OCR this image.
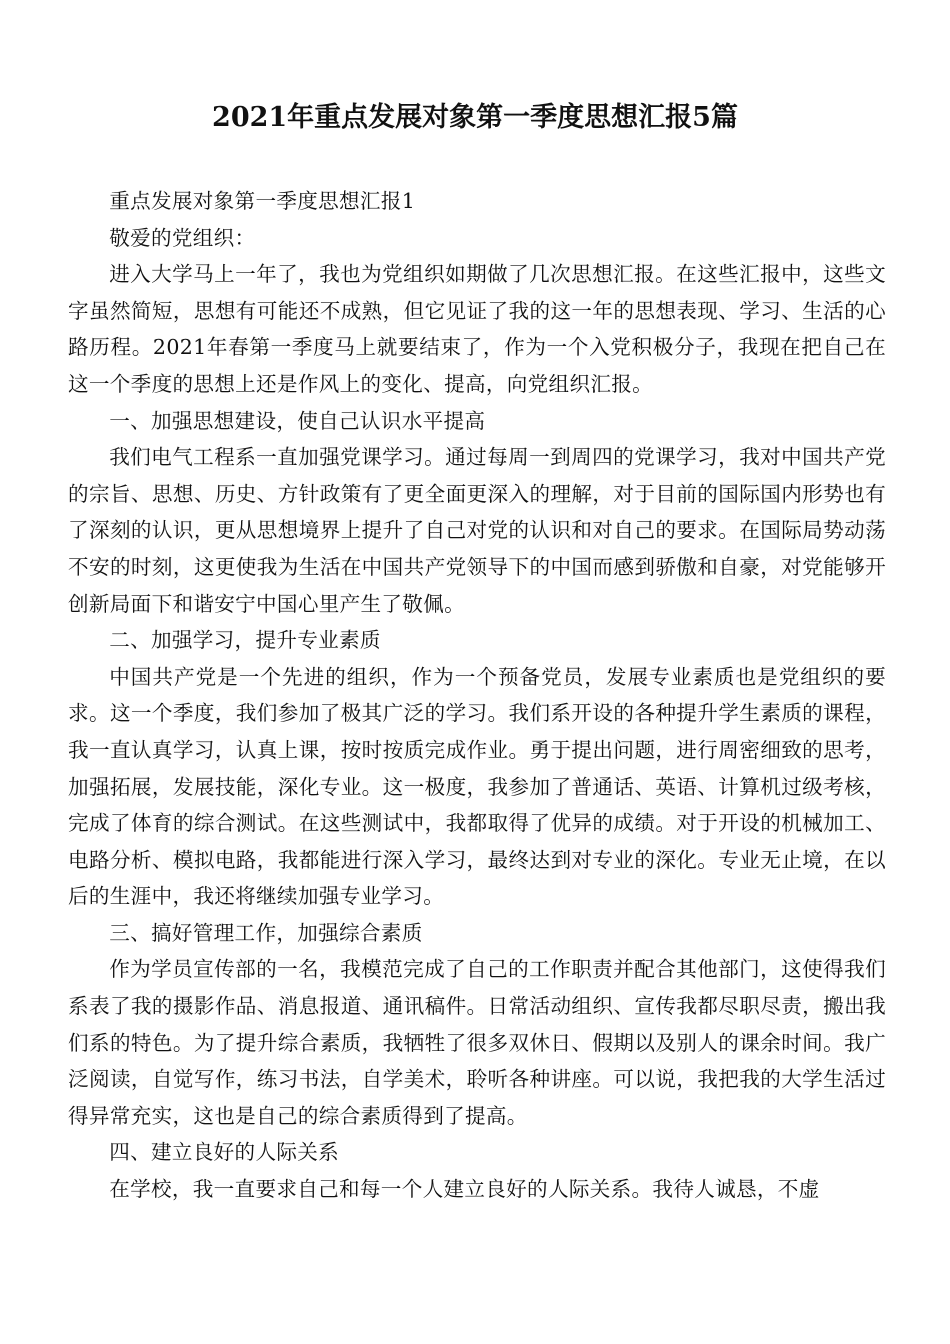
2021年重点发展对象第一季度思想汇报5篇

重点发展对象第一季度思想汇报1

敬爱的党组织：

进入大学马上一年了，我也为党组织如期做了几次思想汇报。在这些汇报中，这些文字虽然简短，思想有可能还不成熟，但它见证了我的这一年的思想表现、学习、生活的心路历程。2021年春第一季度马上就要结束了，作为一个入党积极分子，我现在把自己在这一个季度的思想上还是作风上的变化、提高，向党组织汇报。

一、加强思想建设，使自己认识水平提高

我们电气工程系一直加强党课学习。通过每周一到周四的党课学习，我对中国共产党的宗旨、思想、历史、方针政策有了更全面更深入的理解，对于目前的国际国内形势也有了深刻的认识，更从思想境界上提升了自己对党的认识和对自己的要求。在国际局势动荡不安的时刻，这更使我为生活在中国共产党领导下的中国而感到骄傲和自豪，对党能够开创新局面下和谐安宁中国心里产生了敬佩。

二、加强学习，提升专业素质

中国共产党是一个先进的组织，作为一个预备党员，发展专业素质也是党组织的要求。这一个季度，我们参加了极其广泛的学习。我们系开设的各种提升学生素质的课程，我一直认真学习，认真上课，按时按质完成作业。勇于提出问题，进行周密细致的思考，加强拓展，发展技能，深化专业。这一极度，我参加了普通话、英语、计算机过级考核，完成了体育的综合测试。在这些测试中，我都取得了优异的成绩。对于开设的机械加工、电路分析、模拟电路，我都能进行深入学习，最终达到对专业的深化。专业无止境，在以后的生涯中，我还将继续加强专业学习。

三、搞好管理工作，加强综合素质

作为学员宣传部的一名，我模范完成了自己的工作职责并配合其他部门，这使得我们系表了我的摄影作品、消息报道、通讯稿件。日常活动组织、宣传我都尽职尽责，搬出我们系的特色。为了提升综合素质，我牺牲了很多双休日、假期以及别人的课余时间。我广泛阅读，自觉写作，练习书法，自学美术，聆听各种讲座。可以说，我把我的大学生活过得异常充实，这也是自己的综合素质得到了提高。

四、建立良好的人际关系

在学校，我一直要求自己和每一个人建立良好的人际关系。我待人诚恳，不虚
